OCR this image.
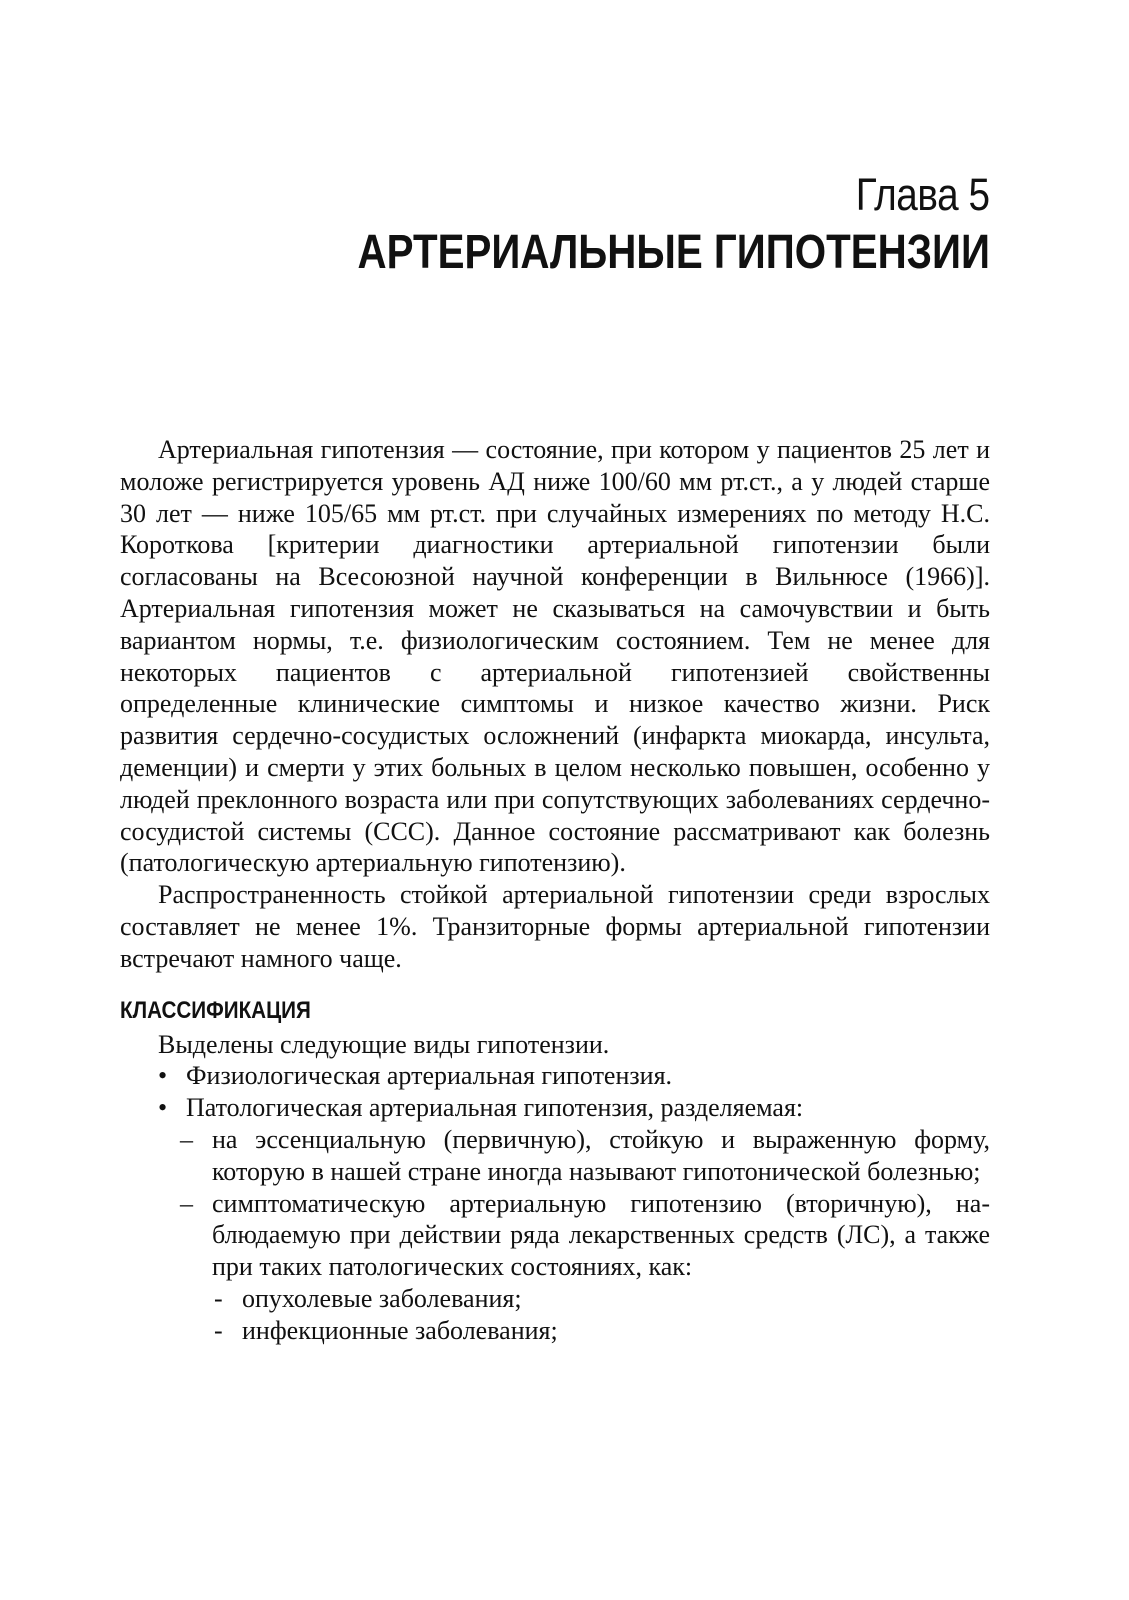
Глава 5
АРТЕРИАЛЬНЫЕ ГИПОТЕНЗИИ

Артериальная гипотензия — состояние, при котором у пациентов 25 лет и моложе регистрируется уровень АД ниже 100/60 мм рт.ст., а у людей старше 30 лет — ниже 105/65 мм рт.ст. при случайных измерениях по методу Н.С. Короткова [критерии диагностики артериальной гипотензии были согласованы на Всесоюзной научной конференции в Вильнюсе (1966)]. Артериальная гипотензия может не сказываться на самочувствии и быть вариантом нормы, т.е. физиологическим состоянием. Тем не менее для некоторых пациентов с артериальной гипотензией свойственны определенные клинические симптомы и низкое качество жизни. Риск развития сердечно-сосудистых осложнений (инфаркта миокарда, инсульта, деменции) и смерти у этих больных в целом несколько повышен, особенно у людей преклонного возраста или при сопутствующих заболеваниях сердечно-сосудистой системы (ССС). Данное состояние рассматривают как болезнь (патологическую артериальную гипотензию).

Распространенность стойкой артериальной гипотензии среди взрослых составляет не менее 1%. Транзиторные формы артериальной гипотензии встречают намного чаще.

КЛАССИФИКАЦИЯ

Выделены следующие виды гипотензии.

• Физиологическая артериальная гипотензия.
• Патологическая артериальная гипотензия, разделяемая:
– на эссенциальную (первичную), стойкую и выраженную форму, которую в нашей стране иногда называют гипотонической болезнью;
– симптоматическую артериальную гипотензию (вторичную), наблюдаемую при действии ряда лекарственных средств (ЛС), а также при таких патологических состояниях, как:
- опухолевые заболевания;
- инфекционные заболевания;
